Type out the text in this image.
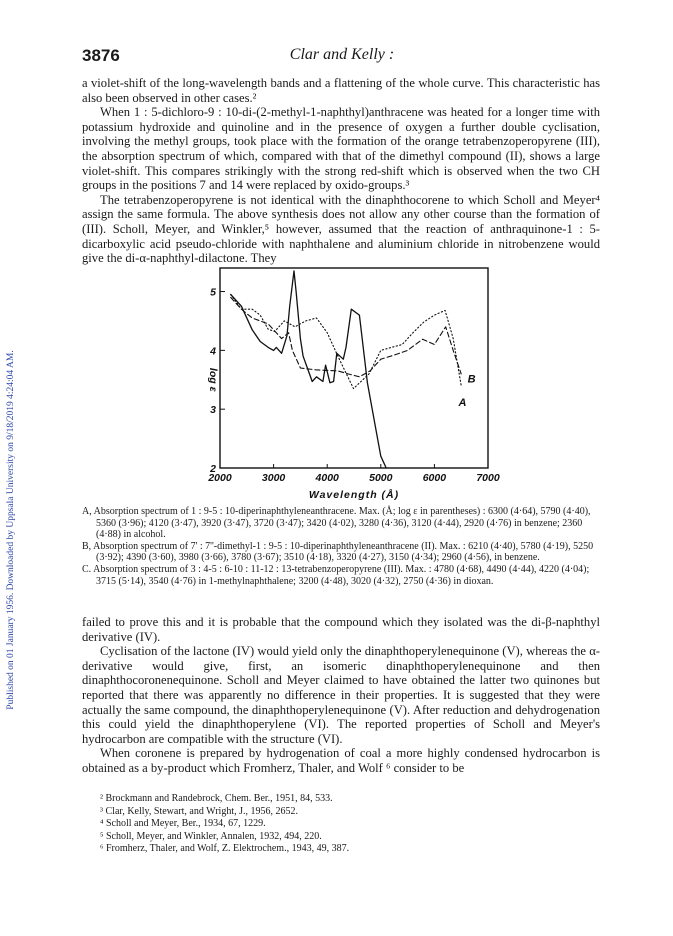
Published on 01 January 1956. Downloaded by Uppsala University on 9/18/2019 4:24:04 AM.
3876	Clar and Kelly :

a violet-shift of the long-wavelength bands and a flattening of the whole curve. This characteristic has also been observed in other cases.²

When 1 : 5-dichloro-9 : 10-di-(2-methyl-1-naphthyl)anthracene was heated for a longer time with potassium hydroxide and quinoline and in the presence of oxygen a further double cyclisation, involving the methyl groups, took place with the formation of the orange tetrabenzoperopyrene (III), the absorption spectrum of which, compared with that of the dimethyl compound (II), shows a large violet-shift. This compares strikingly with the strong red-shift which is observed when the two CH groups in the positions 7 and 14 were replaced by oxido-groups.³

The tetrabenzoperopyrene is not identical with the dinaphthocorene to which Scholl and Meyer⁴ assign the same formula. The above synthesis does not allow any other course than the formation of (III). Scholl, Meyer, and Winkler,⁵ however, assumed that the reaction of anthraquinone-1 : 5-dicarboxylic acid pseudo-chloride with naphthalene and aluminium chloride in nitrobenzene would give the di-α-naphthyl-dilactone. They

2000	3000	4000	5000	6000	7000
2
3
4
5
Wavelength (Å)
log ε
A
B
A, Absorption spectrum of 1 : 9-5 : 10-diperinaphthyleneanthracene. Max. (Å; log ε in parentheses) : 6300 (4·64), 5790 (4·40), 5360 (3·96); 4120 (3·47), 3920 (3·47), 3720 (3·47); 3420 (4·02), 3280 (4·36), 3120 (4·44), 2920 (4·76) in benzene; 2360 (4·88) in alcohol.
B, Absorption spectrum of 7' : 7''-dimethyl-1 : 9-5 : 10-diperinaphthyleneanthracene (II). Max. : 6210 (4·40), 5780 (4·19), 5250 (3·92); 4390 (3·60), 3980 (3·66), 3780 (3·67); 3510 (4·18), 3320 (4·27), 3150 (4·34); 2960 (4·56), in benzene.
C. Absorption spectrum of 3 : 4-5 : 6-10 : 11-12 : 13-tetrabenzoperopyrene (III). Max. : 4780 (4·68), 4490 (4·44), 4220 (4·04); 3715 (5·14), 3540 (4·76) in 1-methylnaphthalene; 3200 (4·48), 3020 (4·32), 2750 (4·36) in dioxan.

failed to prove this and it is probable that the compound which they isolated was the di-β-naphthyl derivative (IV).

Cyclisation of the lactone (IV) would yield only the dinaphthoperylenequinone (V), whereas the α-derivative would give, first, an isomeric dinaphthoperylenequinone and then dinaphthocoronenequinone. Scholl and Meyer claimed to have obtained the latter two quinones but reported that there was apparently no difference in their properties. It is suggested that they were actually the same compound, the dinaphthoperylenequinone (V). After reduction and dehydrogenation this could yield the dinaphthoperylene (VI). The reported properties of Scholl and Meyer's hydrocarbon are compatible with the structure (VI).

When coronene is prepared by hydrogenation of coal a more highly condensed hydrocarbon is obtained as a by-product which Fromherz, Thaler, and Wolf ⁶ consider to be

² Brockmann and Randebrock, Chem. Ber., 1951, 84, 533.
³ Clar, Kelly, Stewart, and Wright, J., 1956, 2652.
⁴ Scholl and Meyer, Ber., 1934, 67, 1229.
⁵ Scholl, Meyer, and Winkler, Annalen, 1932, 494, 220.
⁶ Fromherz, Thaler, and Wolf, Z. Elektrochem., 1943, 49, 387.
